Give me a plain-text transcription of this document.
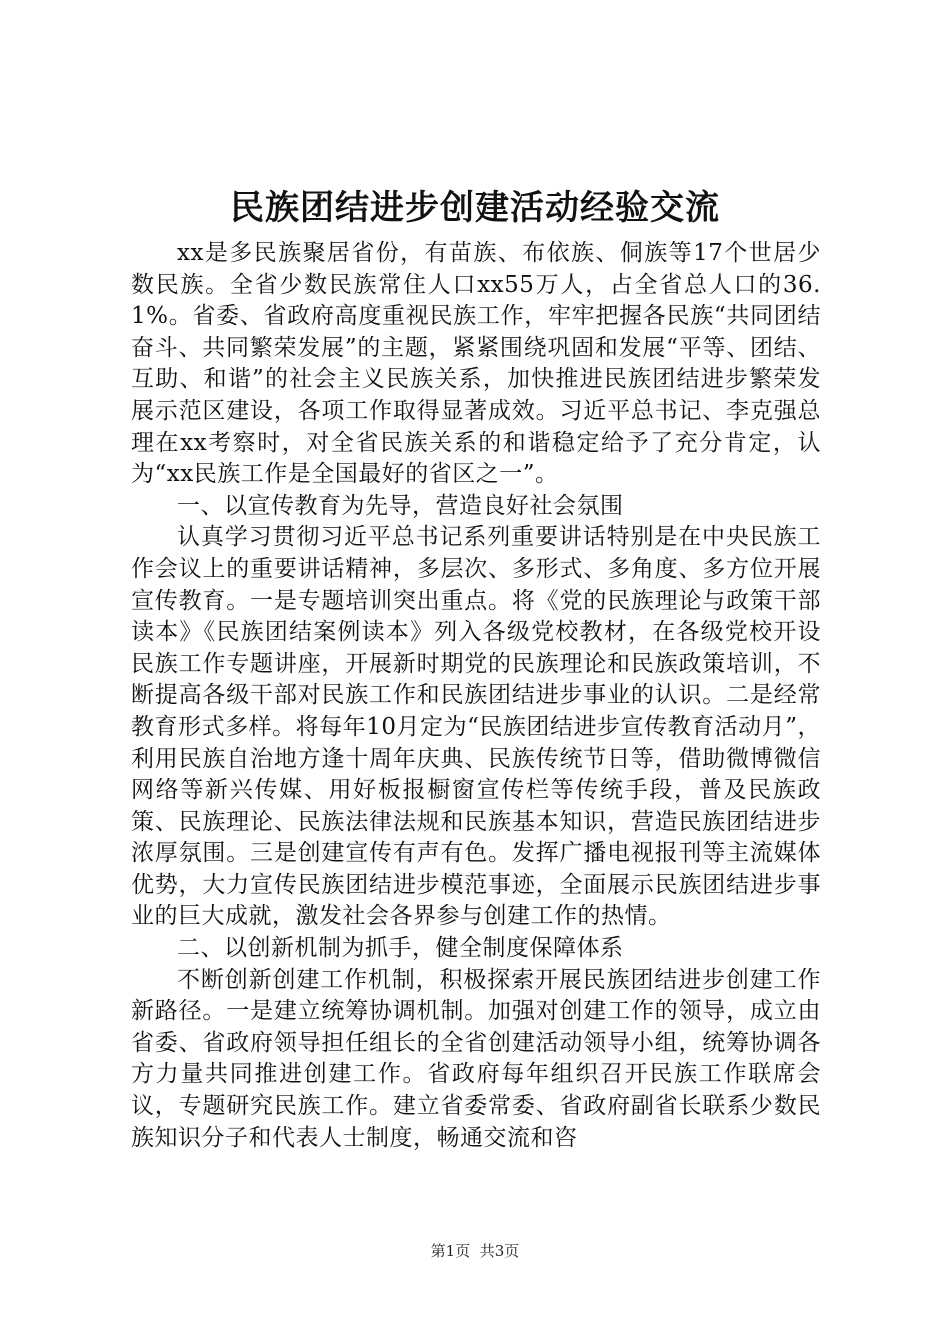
民族团结进步创建活动经验交流

xx是多民族聚居省份，有苗族、布依族、侗族等17个世居少数民族。全省少数民族常住人口xx55万人，占全省总人口的36.1%。省委、省政府高度重视民族工作，牢牢把握各民族“共同团结奋斗、共同繁荣发展”的主题，紧紧围绕巩固和发展“平等、团结、互助、和谐”的社会主义民族关系，加快推进民族团结进步繁荣发展示范区建设，各项工作取得显著成效。习近平总书记、李克强总理在xx考察时，对全省民族关系的和谐稳定给予了充分肯定，认为“xx民族工作是全国最好的省区之一”。

一、以宣传教育为先导，营造良好社会氛围

认真学习贯彻习近平总书记系列重要讲话特别是在中央民族工作会议上的重要讲话精神，多层次、多形式、多角度、多方位开展宣传教育。一是专题培训突出重点。将《党的民族理论与政策干部读本》《民族团结案例读本》列入各级党校教材，在各级党校开设民族工作专题讲座，开展新时期党的民族理论和民族政策培训，不断提高各级干部对民族工作和民族团结进步事业的认识。二是经常教育形式多样。将每年10月定为“民族团结进步宣传教育活动月”，利用民族自治地方逢十周年庆典、民族传统节日等，借助微博微信网络等新兴传媒、用好板报橱窗宣传栏等传统手段，普及民族政策、民族理论、民族法律法规和民族基本知识，营造民族团结进步浓厚氛围。三是创建宣传有声有色。发挥广播电视报刊等主流媒体优势，大力宣传民族团结进步模范事迹，全面展示民族团结进步事业的巨大成就，激发社会各界参与创建工作的热情。

二、以创新机制为抓手，健全制度保障体系

不断创新创建工作机制，积极探索开展民族团结进步创建工作新路径。一是建立统筹协调机制。加强对创建工作的领导，成立由省委、省政府领导担任组长的全省创建活动领导小组，统筹协调各方力量共同推进创建工作。省政府每年组织召开民族工作联席会议，专题研究民族工作。建立省委常委、省政府副省长联系少数民族知识分子和代表人士制度，畅通交流和咨

第1页 共3页
